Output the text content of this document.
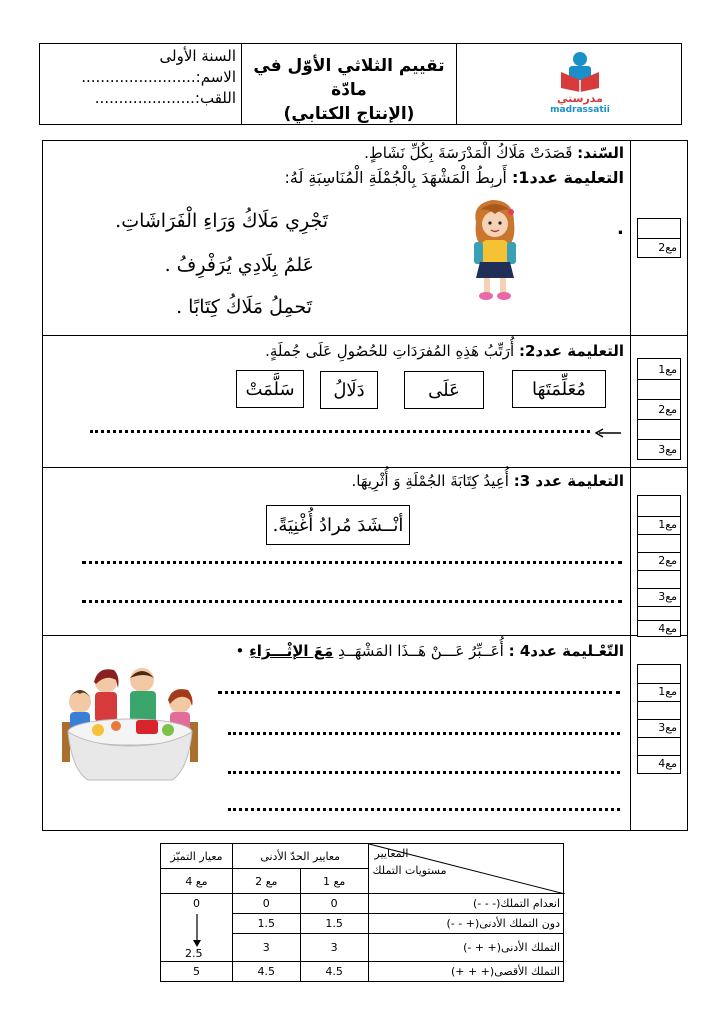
تقييم الثلاثي الأوّل في مادّة
(الإنتاج الكتابي)
مدرستي
madrassatii
السنة الأولى
الاسم:........................
اللقب:.....................
السّند: قَصَدَتْ مَلَاكُ الْمَدْرَسَةَ بِكُلِّ نَشَاطٍ.
التعليمة عدد1: أَربِطُ الْمَشْهَدَ بِالْجُمْلَةِ الْمُنَاسِبَةِ لَهُ:
تَجْرِي مَلَاكُ وَرَاءِ الْفَرَاشَاتِ.
عَلمُ بِلَادِي يُرَفْرِفُ .
تَحمِلُ مَلَاكُ كِتَابًا .
.
مع2
التعليمة عدد2: أُرَتِّبُ هَذِهِ المُفرَدَاتِ للحُصُولِ عَلَى جُملَةٍ.
مُعَلِّمَتَهَا
عَلَى
دَلَالُ
سَلَّمَتْ
مع1
مع2
مع3
التعليمة عدد 3: أُعِيدُ كِتَابَةَ الجُمْلَةِ وَ أُثْرِيهَا.
أنْــشَدَ مُرادُ أُغْنِيَةً.	مع1
مع2
مع3
مع4
التّعْـليمة عدد4 : أُعَــبِّرُ عَـــنْ هَــذَا المَشْهَــدِ مَعَ الإثْـــرَاءِ •
مع1
مع3
مع4
المعايير
مستويات التملك	معايير الحدّ الأدنى		معيار التميّز
	مع 1	مع 2	مع 4
انعدام التملك(- - -)	0	0	0
دون التملك الأدنى(+ - -)	1.5	1.5	2.5

التملك الأدنى(+ + -)	3	3	
التملك الأقصى(+ + +)	4.5	4.5	5
